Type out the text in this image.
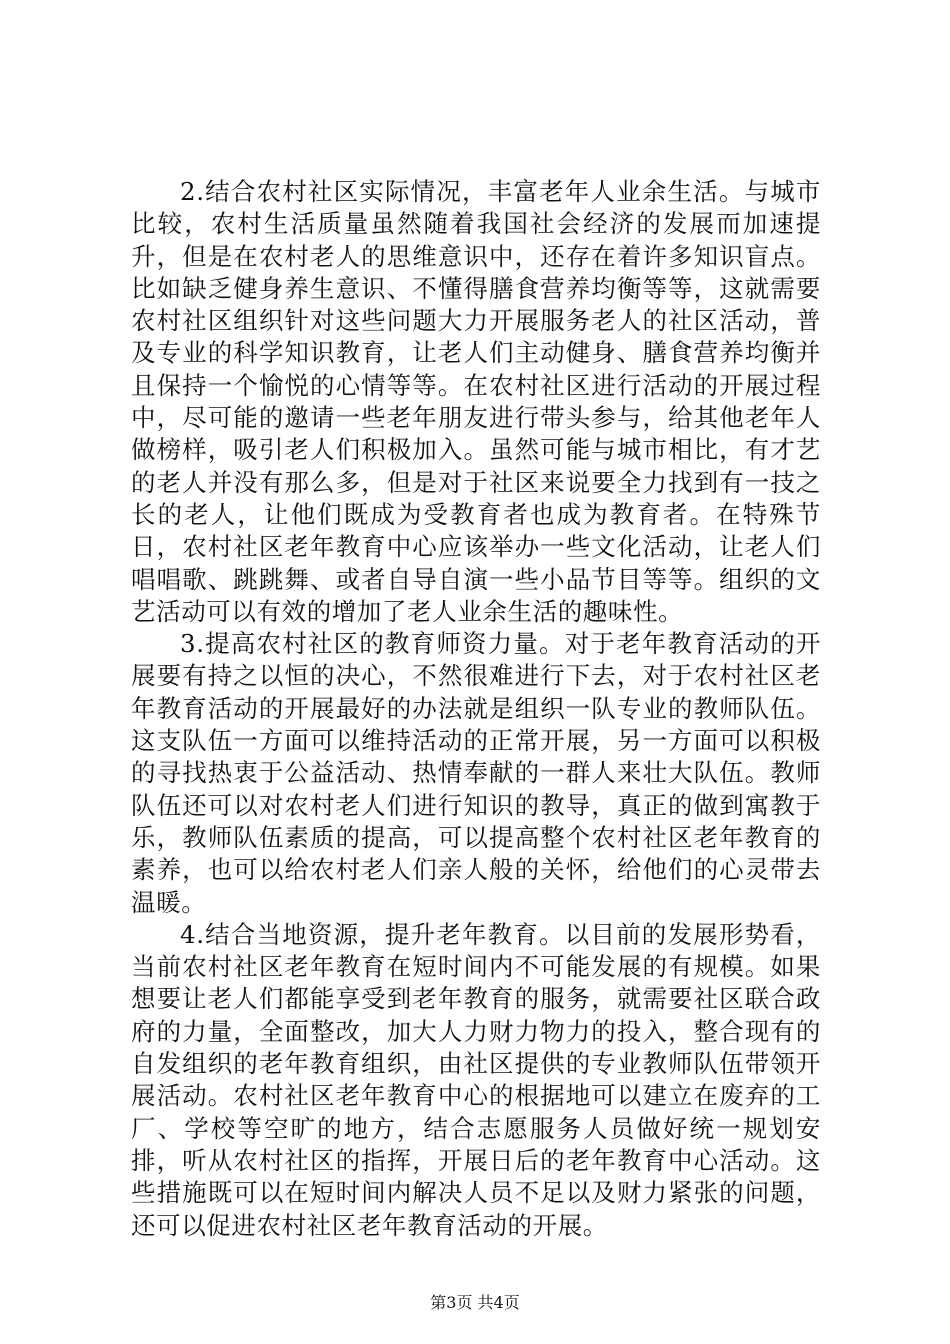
2.结合农村社区实际情况，丰富老年人业余生活。与城市比较，农村生活质量虽然随着我国社会经济的发展而加速提升，但是在农村老人的思维意识中，还存在着许多知识盲点。比如缺乏健身养生意识、不懂得膳食营养均衡等等，这就需要农村社区组织针对这些问题大力开展服务老人的社区活动，普及专业的科学知识教育，让老人们主动健身、膳食营养均衡并且保持一个愉悦的心情等等。在农村社区进行活动的开展过程中，尽可能的邀请一些老年朋友进行带头参与，给其他老年人做榜样，吸引老人们积极加入。虽然可能与城市相比，有才艺的老人并没有那么多，但是对于社区来说要全力找到有一技之长的老人，让他们既成为受教育者也成为教育者。在特殊节日，农村社区老年教育中心应该举办一些文化活动，让老人们唱唱歌、跳跳舞、或者自导自演一些小品节目等等。组织的文艺活动可以有效的增加了老人业余生活的趣味性。

3.提高农村社区的教育师资力量。对于老年教育活动的开展要有持之以恒的决心，不然很难进行下去，对于农村社区老年教育活动的开展最好的办法就是组织一队专业的教师队伍。这支队伍一方面可以维持活动的正常开展，另一方面可以积极的寻找热衷于公益活动、热情奉献的一群人来壮大队伍。教师队伍还可以对农村老人们进行知识的教导，真正的做到寓教于乐，教师队伍素质的提高，可以提高整个农村社区老年教育的素养，也可以给农村老人们亲人般的关怀，给他们的心灵带去温暖。

4.结合当地资源，提升老年教育。以目前的发展形势看，当前农村社区老年教育在短时间内不可能发展的有规模。如果想要让老人们都能享受到老年教育的服务，就需要社区联合政府的力量，全面整改，加大人力财力物力的投入，整合现有的自发组织的老年教育组织，由社区提供的专业教师队伍带领开展活动。农村社区老年教育中心的根据地可以建立在废弃的工厂、学校等空旷的地方，结合志愿服务人员做好统一规划安排，听从农村社区的指挥，开展日后的老年教育中心活动。这些措施既可以在短时间内解决人员不足以及财力紧张的问题，还可以促进农村社区老年教育活动的开展。

第3页 共4页
